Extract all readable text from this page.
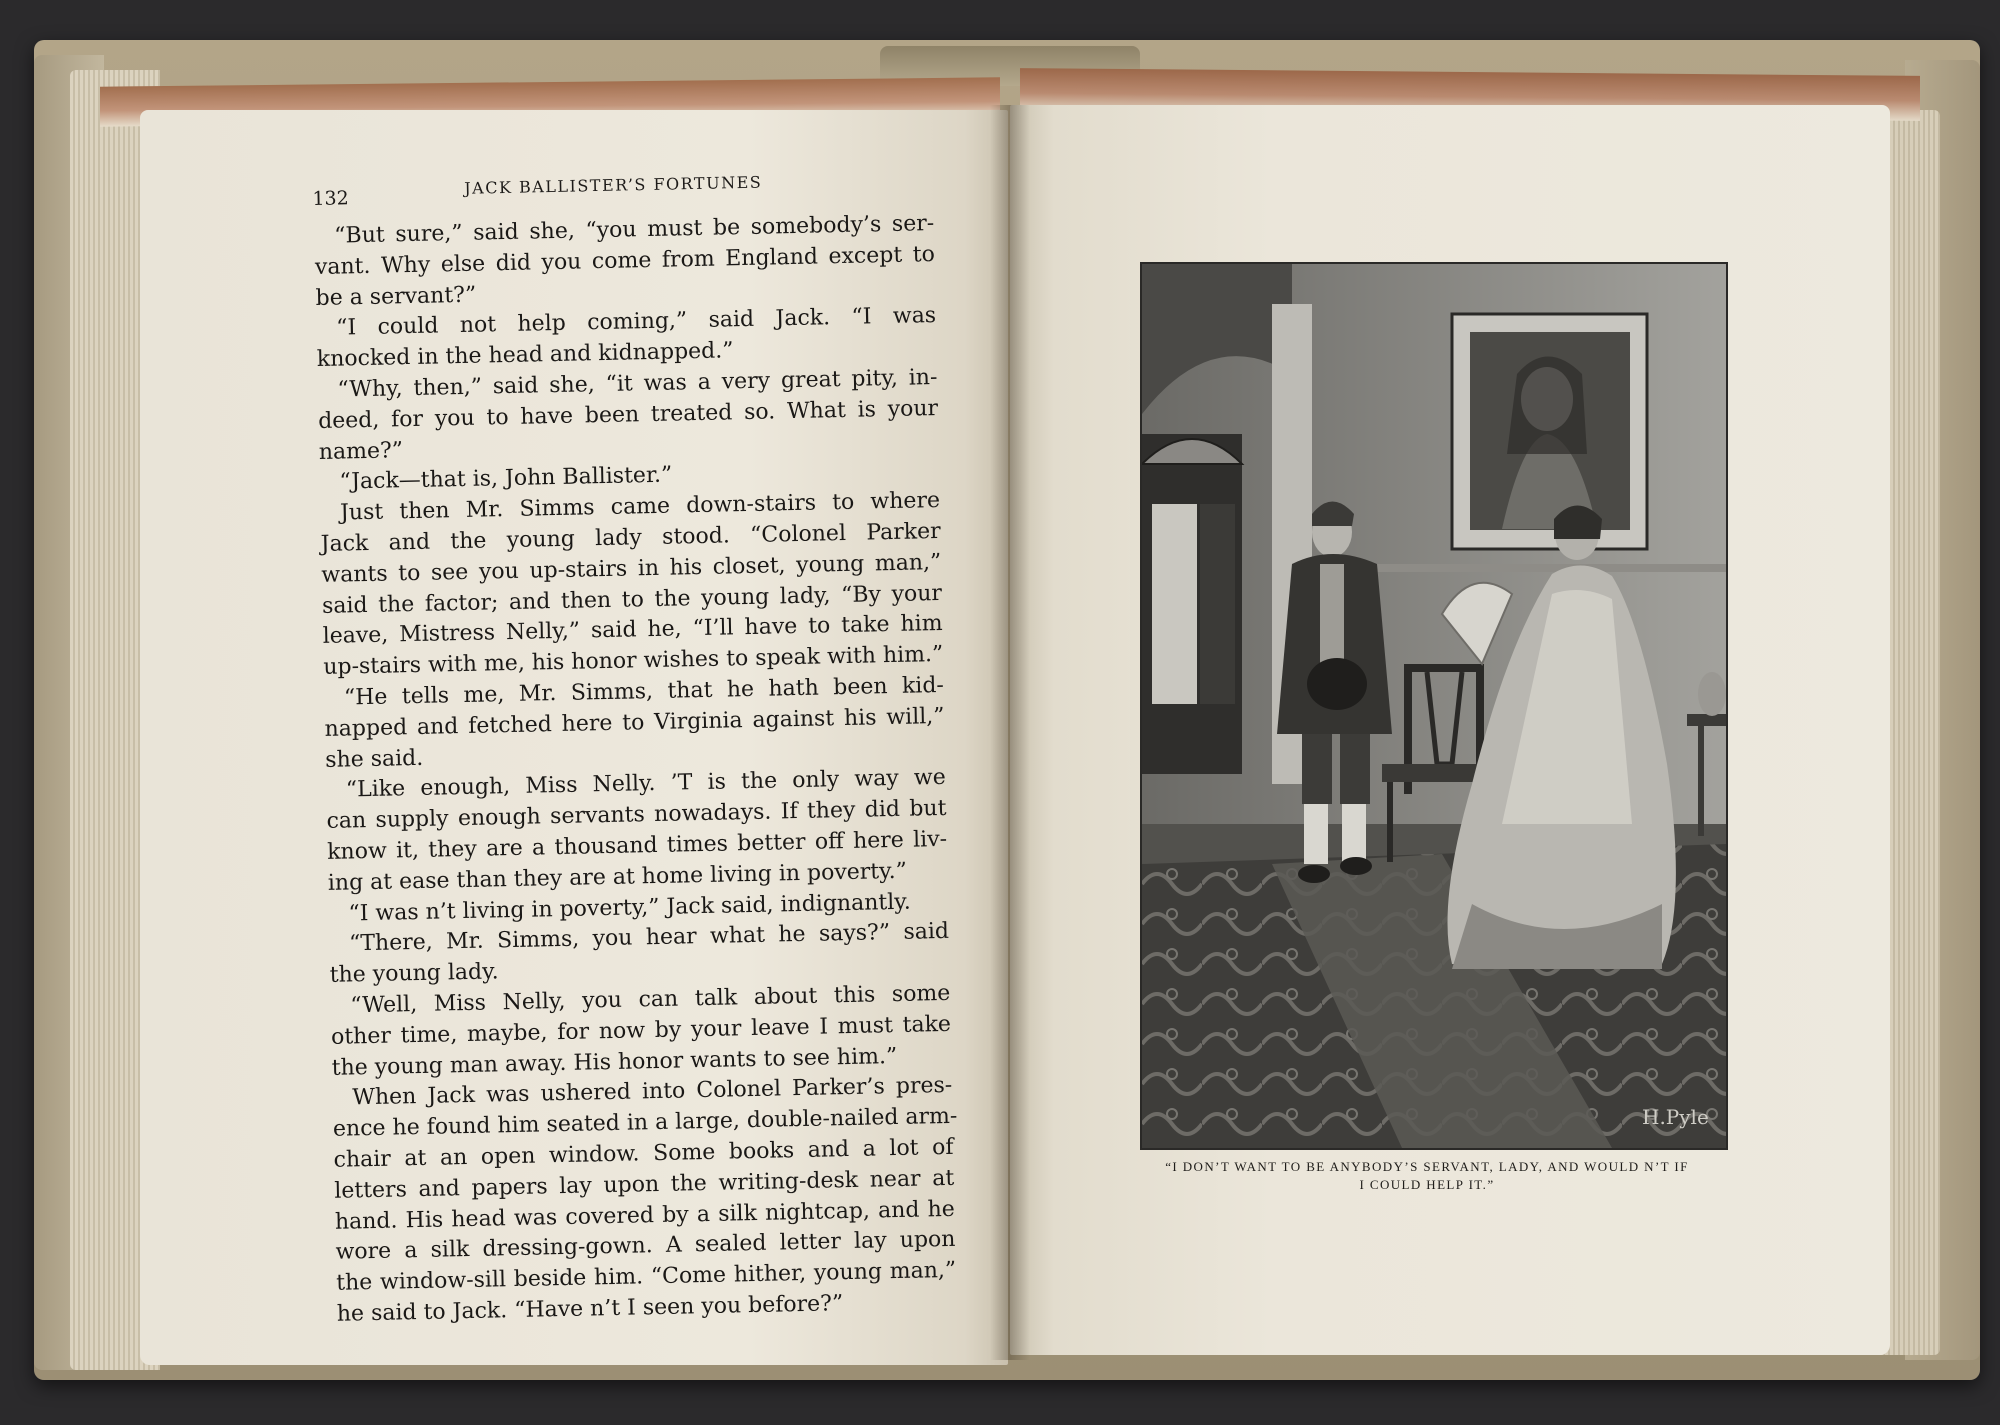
132
JACK BALLISTER’S FORTUNES
“But sure,” said she, “you must be somebody’s ser-
vant. Why else did you come from England except to
be a servant?”
“I could not help coming,” said Jack. “I was
knocked in the head and kidnapped.”
“Why, then,” said she, “it was a very great pity, in-
deed, for you to have been treated so. What is your
name?”
“Jack—that is, John Ballister.”
Just then Mr. Simms came down-stairs to where
Jack and the young lady stood. “Colonel Parker
wants to see you up-stairs in his closet, young man,”
said the factor; and then to the young lady, “By your
leave, Mistress Nelly,” said he, “I’ll have to take him
up-stairs with me, his honor wishes to speak with him.”
“He tells me, Mr. Simms, that he hath been kid-
napped and fetched here to Virginia against his will,”
she said.
“Like enough, Miss Nelly. ’T is the only way we
can supply enough servants nowadays. If they did but
know it, they are a thousand times better off here liv-
ing at ease than they are at home living in poverty.”
“I was n’t living in poverty,” Jack said, indignantly.
“There, Mr. Simms, you hear what he says?” said
the young lady.
“Well, Miss Nelly, you can talk about this some
other time, maybe, for now by your leave I must take
the young man away. His honor wants to see him.”
When Jack was ushered into Colonel Parker’s pres-
ence he found him seated in a large, double-nailed arm-
chair at an open window. Some books and a lot of
letters and papers lay upon the writing-desk near at
hand. His head was covered by a silk nightcap, and he
wore a silk dressing-gown. A sealed letter lay upon
the window-sill beside him. “Come hither, young man,”
he said to Jack. “Have n’t I seen you before?”
H.Pyle
“I DON’T WANT TO BE ANYBODY’S SERVANT, LADY, AND WOULD N’T IF
I COULD HELP IT.”
